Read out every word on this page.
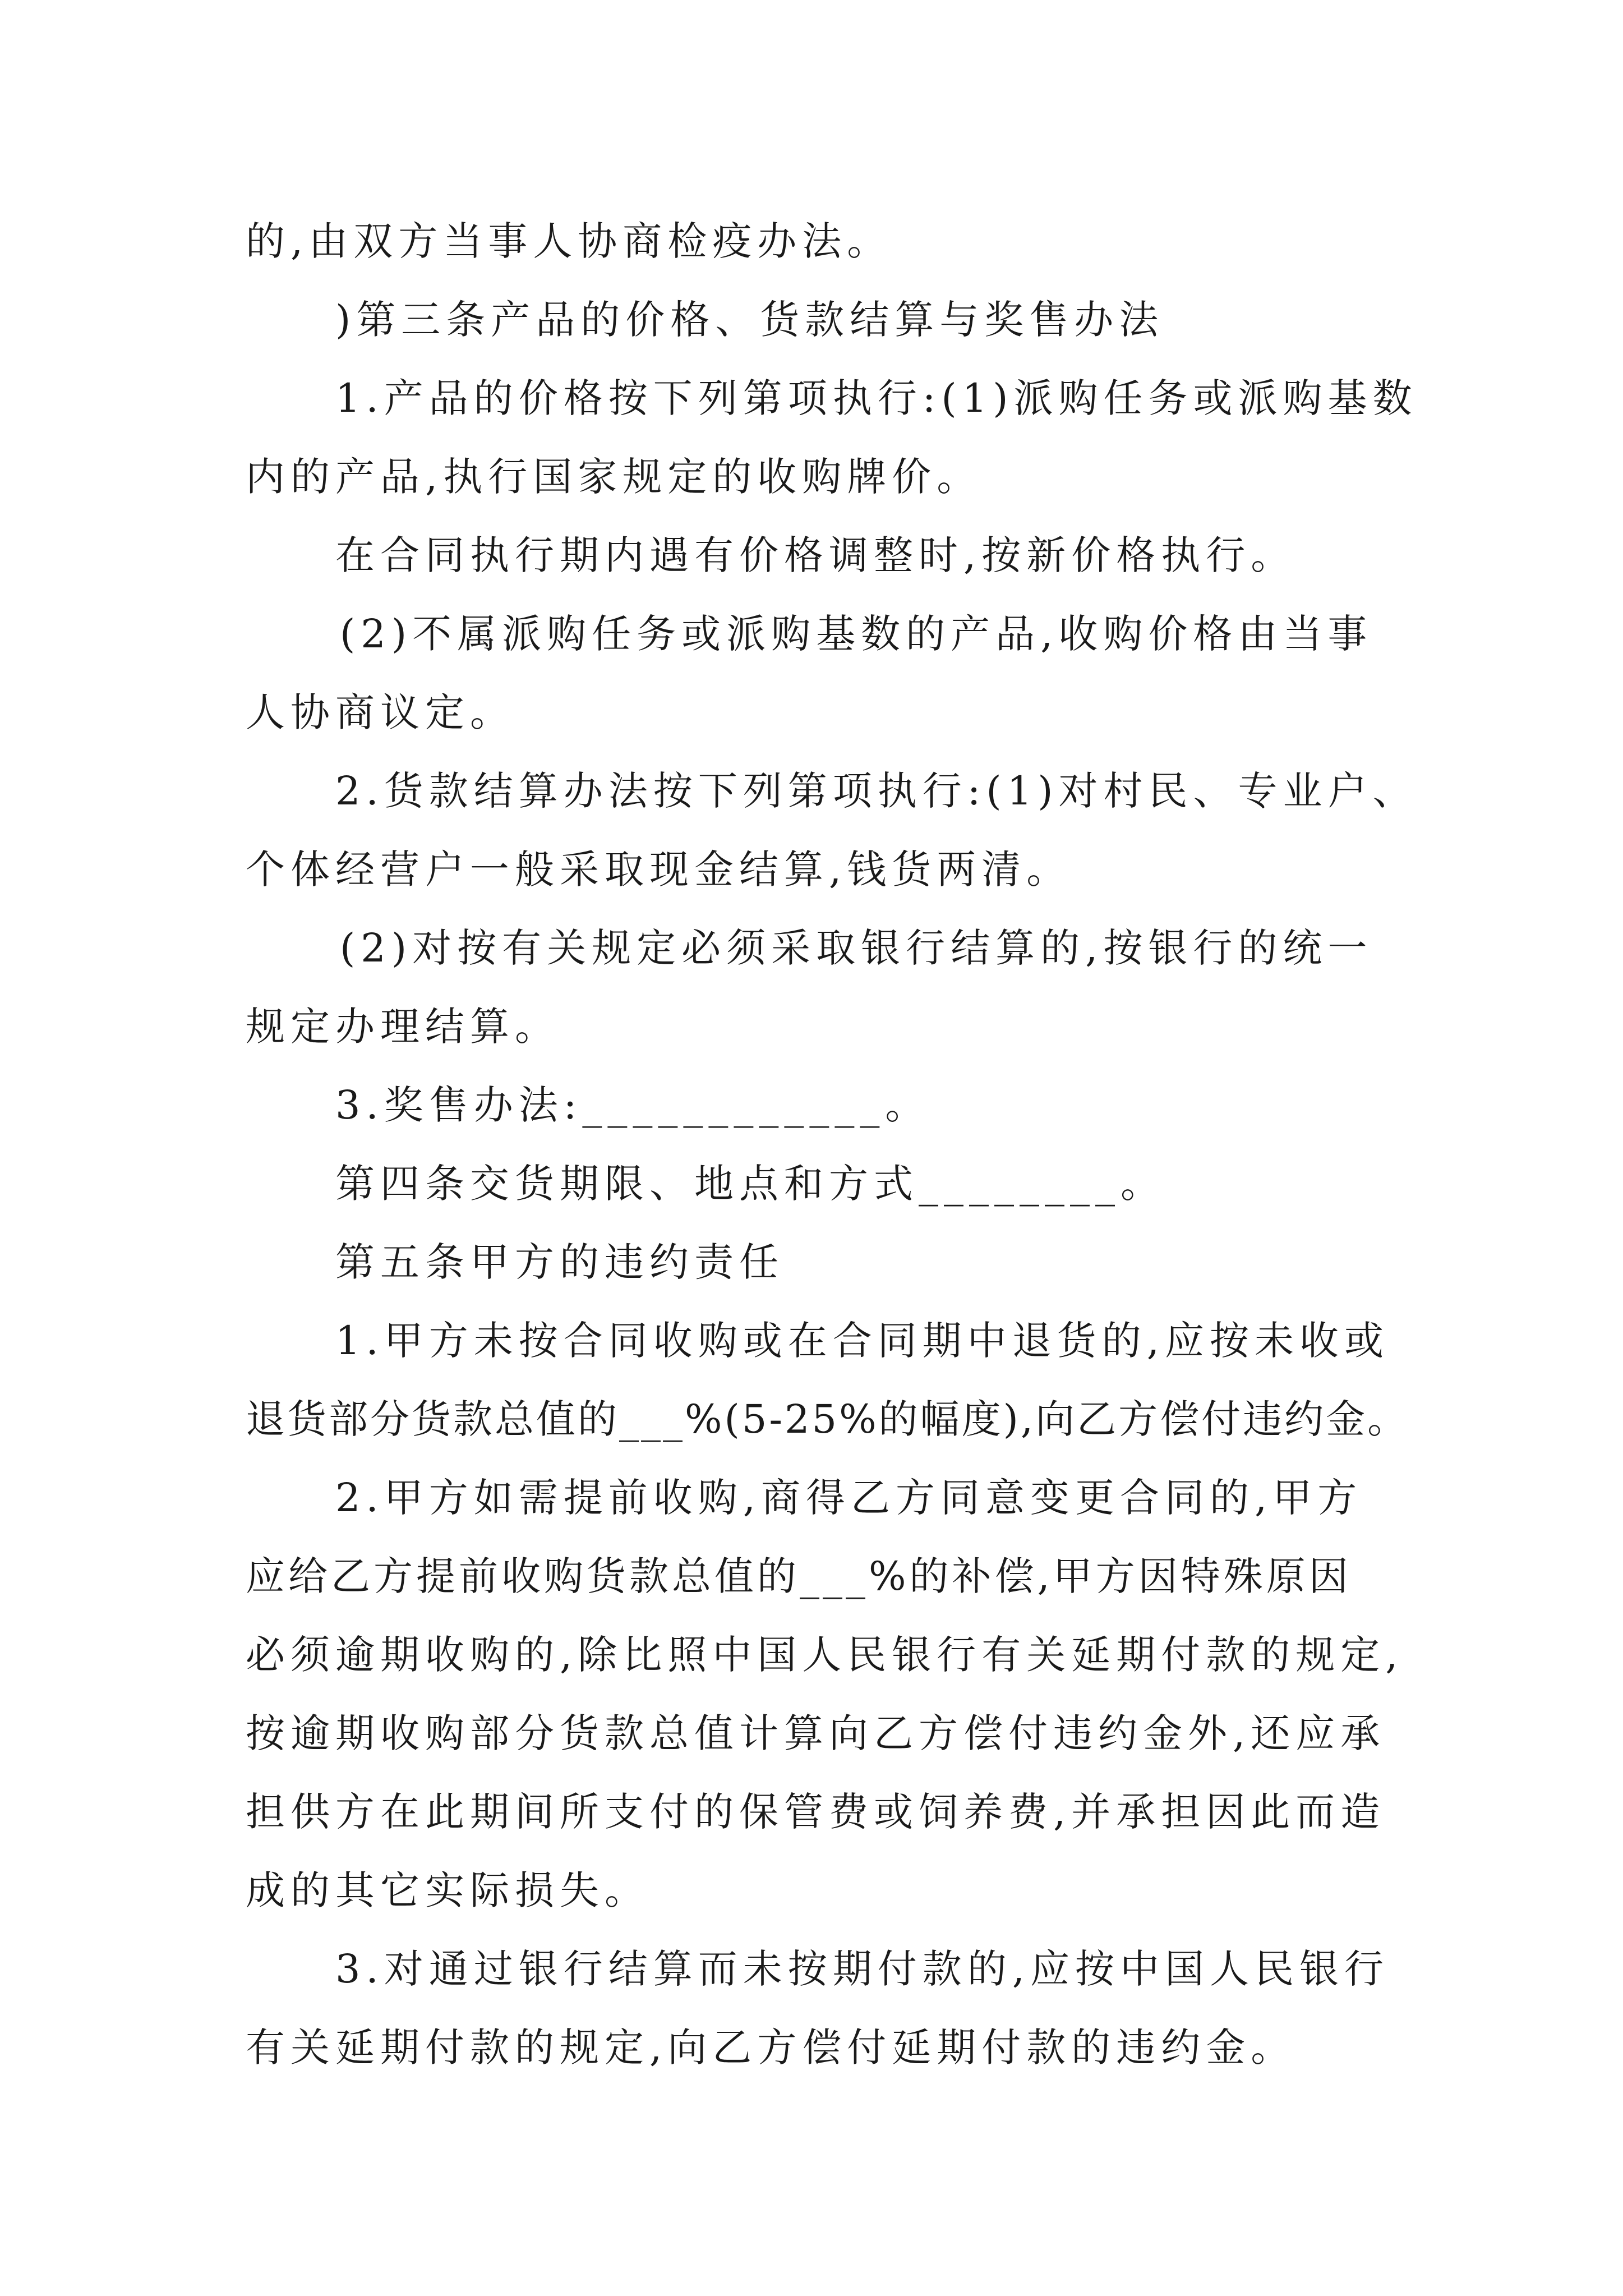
的,由双方当事人协商检疫办法。
)第三条产品的价格、货款结算与奖售办法
1.产品的价格按下列第项执行:(1)派购任务或派购基数
内的产品,执行国家规定的收购牌价。
在合同执行期内遇有价格调整时,按新价格执行。
(2)不属派购任务或派购基数的产品,收购价格由当事
人协商议定。
2.货款结算办法按下列第项执行:(1)对村民、专业户、
个体经营户一般采取现金结算,钱货两清。
(2)对按有关规定必须采取银行结算的,按银行的统一
规定办理结算。
3.奖售办法:____________。
第四条交货期限、地点和方式________。
第五条甲方的违约责任
1.甲方未按合同收购或在合同期中退货的,应按未收或
退货部分货款总值的___%(5-25%的幅度),向乙方偿付违约金。
2.甲方如需提前收购,商得乙方同意变更合同的,甲方
应给乙方提前收购货款总值的___%的补偿,甲方因特殊原因
必须逾期收购的,除比照中国人民银行有关延期付款的规定,
按逾期收购部分货款总值计算向乙方偿付违约金外,还应承
担供方在此期间所支付的保管费或饲养费,并承担因此而造
成的其它实际损失。
3.对通过银行结算而未按期付款的,应按中国人民银行
有关延期付款的规定,向乙方偿付延期付款的违约金。
